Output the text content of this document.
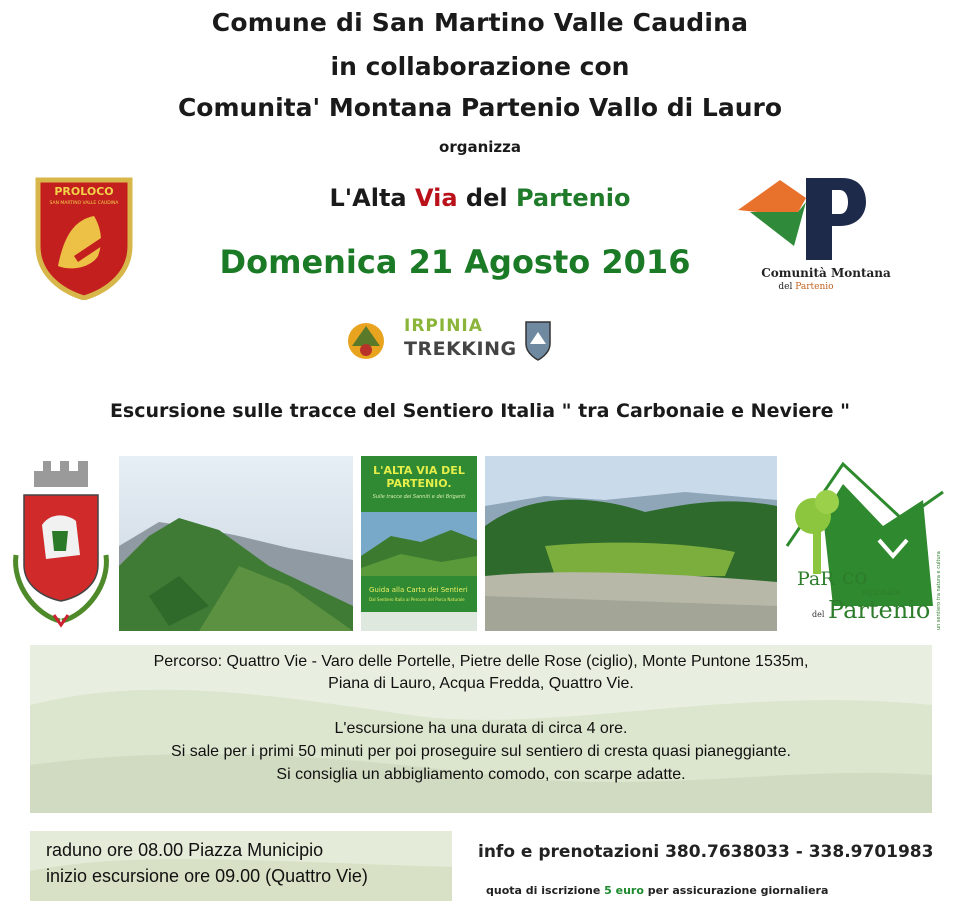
Comune di San Martino Valle Caudina
in collaborazione con
Comunita' Montana Partenio Vallo di Lauro
organizza
PROLOCO
SAN MARTINO VALLE CAUDINA	L'Alta Via del Partenio
Domenica 21 Agosto 2016	Comunità Montana
del Partenio
IRPINIA
TREKKING
Escursione sulle tracce del Sentiero Italia " tra Carbonaie e Neviere "
L'ALTA VIA DEL PARTENIO.
Sulle tracce dei Sanniti e dei Briganti
Guida alla Carta dei Sentieri
Dal Sentiero Italia ai Percorsi del Parco Naturale
PaR co
egionale
del Partenio un sentiero tra natura e cultura
Percorso: Quattro Vie - Varo delle Portelle, Pietre delle Rose (ciglio), Monte Puntone 1535m,
Piana di Lauro, Acqua Fredda, Quattro Vie.
L'escursione ha una durata di circa 4 ore.
Si sale per i primi 50 minuti per poi proseguire sul sentiero di cresta quasi pianeggiante.
Si consiglia un abbigliamento comodo, con scarpe adatte.
raduno ore 08.00 Piazza Municipio
inizio escursione ore 09.00 (Quattro Vie)
info e prenotazioni 380.7638033 - 338.9701983
quota di iscrizione 5 euro per assicurazione giornaliera
